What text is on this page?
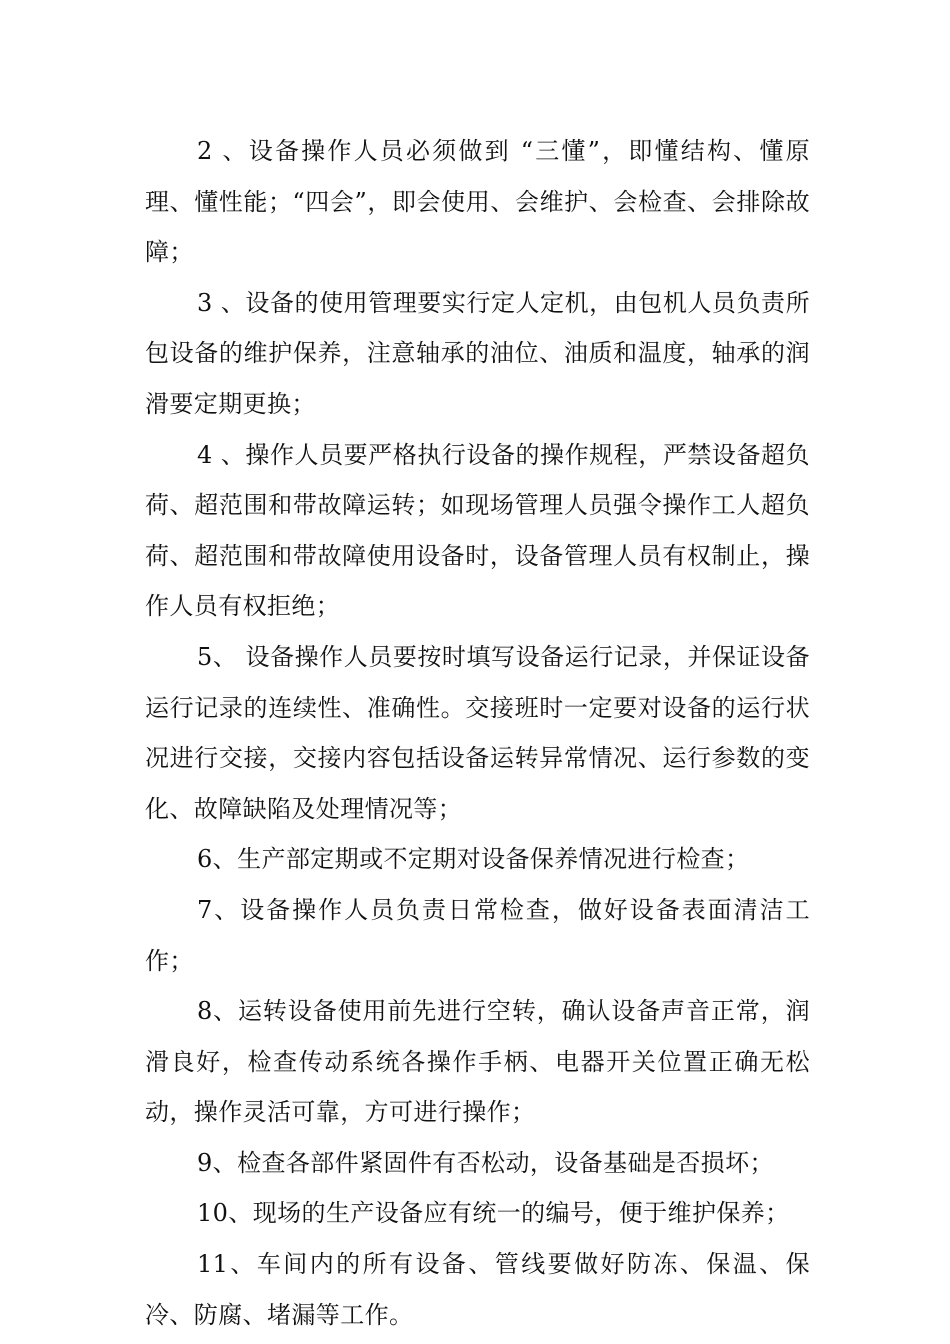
2 、设备操作人员必须做到 “三懂”，即懂结构、懂原理、懂性能；“四会”，即会使用、会维护、会检查、会排除故障；

3 、设备的使用管理要实行定人定机，由包机人员负责所包设备的维护保养，注意轴承的油位、油质和温度，轴承的润滑要定期更换；

4 、操作人员要严格执行设备的操作规程，严禁设备超负荷、超范围和带故障运转；如现场管理人员强令操作工人超负荷、超范围和带故障使用设备时，设备管理人员有权制止，操作人员有权拒绝；

5、 设备操作人员要按时填写设备运行记录，并保证设备运行记录的连续性、准确性。交接班时一定要对设备的运行状况进行交接，交接内容包括设备运转异常情况、运行参数的变化、故障缺陷及处理情况等；

6、生产部定期或不定期对设备保养情况进行检查；

7、设备操作人员负责日常检查，做好设备表面清洁工作；

8、运转设备使用前先进行空转，确认设备声音正常，润滑良好，检查传动系统各操作手柄、电器开关位置正确无松动，操作灵活可靠，方可进行操作；

9、检查各部件紧固件有否松动，设备基础是否损坏；

10、现场的生产设备应有统一的编号，便于维护保养；

11、车间内的所有设备、管线要做好防冻、保温、保冷、防腐、堵漏等工作。
